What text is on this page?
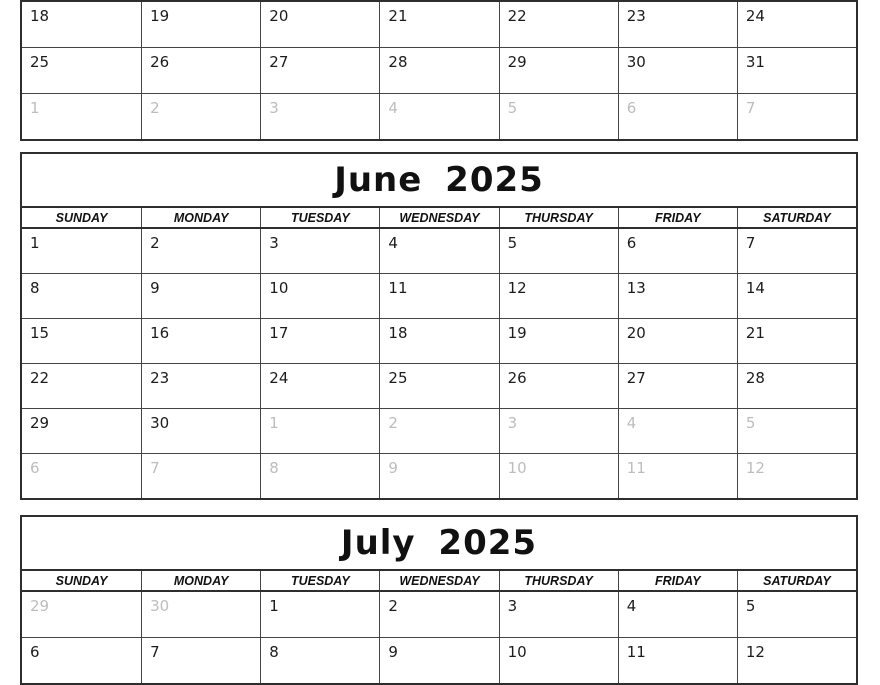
18	19	20	21	22	23	24
25	26	27	28	29	30	31
1	2	3	4	5	6	7
June 2025
SUNDAY	MONDAY	TUESDAY	WEDNESDAY	THURSDAY	FRIDAY	SATURDAY
1	2	3	4	5	6	7
8	9	10	11	12	13	14
15	16	17	18	19	20	21
22	23	24	25	26	27	28
29	30	1	2	3	4	5
6	7	8	9	10	11	12
July 2025
SUNDAY	MONDAY	TUESDAY	WEDNESDAY	THURSDAY	FRIDAY	SATURDAY
29	30	1	2	3	4	5
6	7	8	9	10	11	12
